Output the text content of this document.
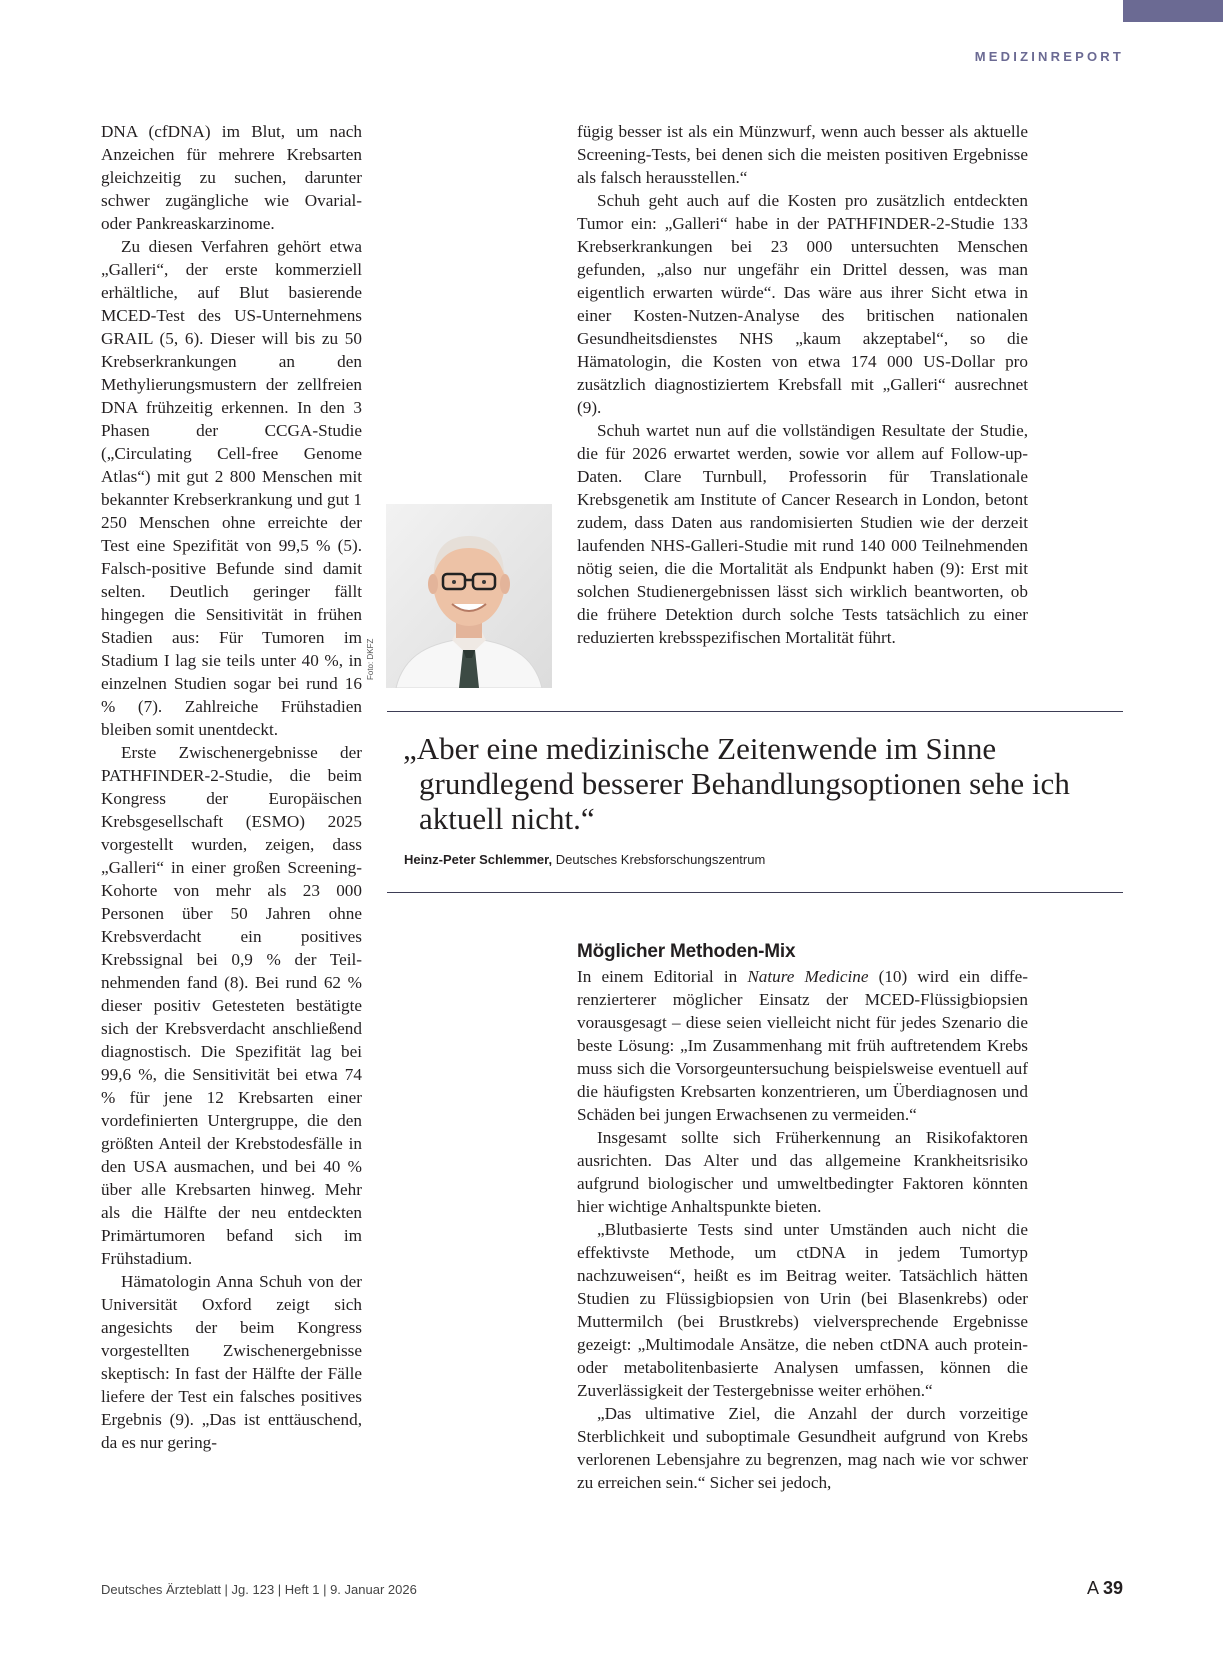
MEDIZINREPORT

DNA (cfDNA) im Blut, um nach Anzeichen für mehrere Krebsarten gleichzeitig zu suchen, darunter schwer zugängliche wie Ovarial- oder Pankreaskarzinome.

Zu diesen Verfahren gehört etwa „Galleri“, der erste kommerziell erhältliche, auf Blut basierende MCED-Test des US-Unternehmens GRAIL (5, 6). Dieser will bis zu 50 Krebserkrankungen an den Methylierungsmustern der zellfreien DNA frühzeitig erkennen. In den 3 Phasen der CCGA-Studie („Circulating Cell-free Genome Atlas“) mit gut 2 800 Menschen mit bekannter Krebserkrankung und gut 1 250 Menschen ohne erreichte der Test eine Spezifität von 99,5 % (5). Falsch-positive Befunde sind damit selten. Deutlich geringer fällt hingegen die Sensitivität in frühen Stadien aus: Für Tumoren im Stadium I lag sie teils unter 40 %, in einzelnen Studien sogar bei rund 16 % (7). Zahlreiche Frühstadien bleiben somit unentdeckt.

Erste Zwischenergebnisse der PATHFINDER-2-Studie, die beim Kongress der Europäischen Krebsgesellschaft (ESMO) 2025 vorgestellt wurden, zeigen, dass „Galleri“ in einer großen Screening-Kohorte von mehr als 23 000 Personen über 50 Jahren ohne Krebsverdacht ein positives Krebssignal bei 0,9 % der Teilnehmenden fand (8). Bei rund 62 % dieser positiv Getesteten bestätigte sich der Krebsverdacht anschließend diagnostisch. Die Spezifität lag bei 99,6 %, die Sensitivität bei etwa 74 % für jene 12 Krebsarten einer vordefinierten Untergruppe, die den größten Anteil der Krebstodesfälle in den USA ausmachen, und bei 40 % über alle Krebsarten hinweg. Mehr als die Hälfte der neu entdeckten Primärtumoren befand sich im Frühstadium.

Hämatologin Anna Schuh von der Universität Oxford zeigt sich angesichts der beim Kongress vorgestellten Zwischenergebnisse skeptisch: In fast der Hälfte der Fälle liefere der Test ein falsches positives Ergebnis (9). „Das ist enttäuschend, da es nur gering-

fügig besser ist als ein Münzwurf, wenn auch besser als aktuelle Screening-Tests, bei denen sich die meisten positiven Ergebnisse als falsch herausstellen.“

Schuh geht auch auf die Kosten pro zusätzlich entdeckten Tumor ein: „Galleri“ habe in der PATHFINDER-2-Studie 133 Krebserkrankungen bei 23 000 untersuchten Menschen gefunden, „also nur ungefähr ein Drittel dessen, was man eigentlich erwarten würde“. Das wäre aus ihrer Sicht etwa in einer Kosten-Nutzen-Analyse des britischen nationalen Gesundheitsdienstes NHS „kaum akzeptabel“, so die Hämatologin, die Kosten von etwa 174 000 US-Dollar pro zusätzlich diagnostiziertem Krebsfall mit „Galleri“ ausrechnet (9).

Schuh wartet nun auf die vollständigen Resultate der Studie, die für 2026 erwartet werden, sowie vor allem auf Follow-up-Daten. Clare Turnbull, Professorin für Translationale Krebsgenetik am Institute of Cancer Research in London, betont zudem, dass Daten aus randomisierten Studien wie der derzeit laufenden NHS-Galleri-Studie mit rund 140 000 Teilnehmenden nötig seien, die die Mortalität als Endpunkt haben (9): Erst mit solchen Studienergebnissen lässt sich wirklich beantworten, ob die frühere Detektion durch solche Tests tatsächlich zu einer reduzierten krebsspezifischen Mortalität führt.

Foto: DKFZ
„Aber eine medizinische Zeitenwende im Sinne grundlegend besserer Behandlungsoptionen sehe ich aktuell nicht.“
Heinz-Peter Schlemmer, Deutsches Krebsforschungszentrum
Möglicher Methoden-Mix

In einem Editorial in Nature Medicine (10) wird ein differenzierterer möglicher Einsatz der MCED-Flüssigbiopsien vorausgesagt – diese seien vielleicht nicht für jedes Szenario die beste Lösung: „Im Zusammenhang mit früh auftretendem Krebs muss sich die Vorsorgeuntersuchung beispielsweise eventuell auf die häufigsten Krebsarten konzentrieren, um Überdiagnosen und Schäden bei jungen Erwachsenen zu vermeiden.“

Insgesamt sollte sich Früherkennung an Risikofaktoren ausrichten. Das Alter und das allgemeine Krankheitsrisiko aufgrund biologischer und umweltbedingter Faktoren könnten hier wichtige Anhaltspunkte bieten.

„Blutbasierte Tests sind unter Umständen auch nicht die effektivste Methode, um ctDNA in jedem Tumortyp nachzuweisen“, heißt es im Beitrag weiter. Tatsächlich hätten Studien zu Flüssigbiopsien von Urin (bei Blasenkrebs) oder Muttermilch (bei Brustkrebs) vielversprechende Ergebnisse gezeigt: „Multimodale Ansätze, die neben ctDNA auch protein- oder metabolitenbasierte Analysen umfassen, können die Zuverlässigkeit der Testergebnisse weiter erhöhen.“

„Das ultimative Ziel, die Anzahl der durch vorzeitige Sterblichkeit und suboptimale Gesundheit aufgrund von Krebs verlorenen Lebensjahre zu begrenzen, mag nach wie vor schwer zu erreichen sein.“ Sicher sei jedoch,

Deutsches Ärzteblatt | Jg. 123 | Heft 1 | 9. Januar 2026	A 39
